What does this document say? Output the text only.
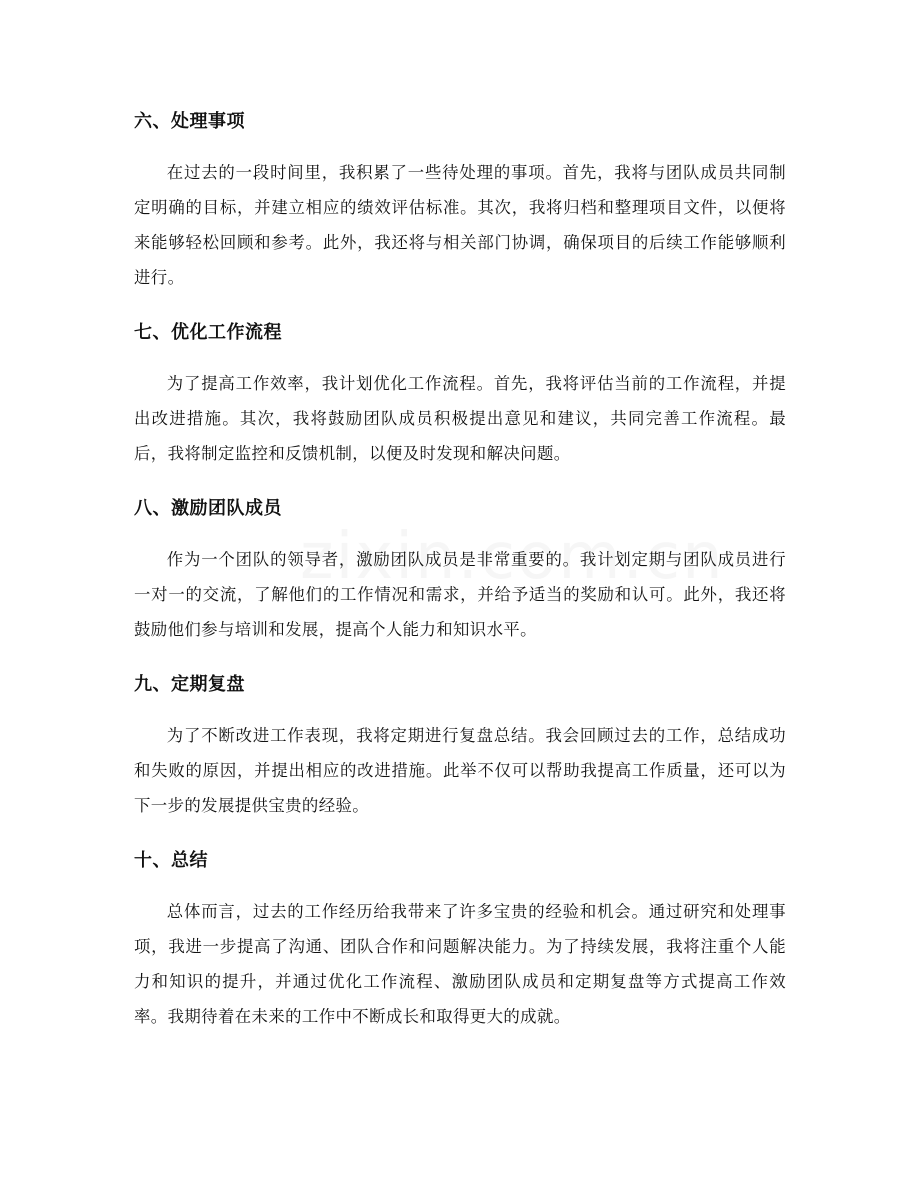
六、处理事项

在过去的一段时间里，我积累了一些待处理的事项。首先，我将与团队成员共同制定明确的目标，并建立相应的绩效评估标准。其次，我将归档和整理项目文件，以便将来能够轻松回顾和参考。此外，我还将与相关部门协调，确保项目的后续工作能够顺利进行。

七、优化工作流程

为了提高工作效率，我计划优化工作流程。首先，我将评估当前的工作流程，并提出改进措施。其次，我将鼓励团队成员积极提出意见和建议，共同完善工作流程。最后，我将制定监控和反馈机制，以便及时发现和解决问题。

八、激励团队成员

作为一个团队的领导者，激励团队成员是非常重要的。我计划定期与团队成员进行一对一的交流，了解他们的工作情况和需求，并给予适当的奖励和认可。此外，我还将鼓励他们参与培训和发展，提高个人能力和知识水平。

九、定期复盘

为了不断改进工作表现，我将定期进行复盘总结。我会回顾过去的工作，总结成功和失败的原因，并提出相应的改进措施。此举不仅可以帮助我提高工作质量，还可以为下一步的发展提供宝贵的经验。

十、总结

总体而言，过去的工作经历给我带来了许多宝贵的经验和机会。通过研究和处理事项，我进一步提高了沟通、团队合作和问题解决能力。为了持续发展，我将注重个人能力和知识的提升，并通过优化工作流程、激励团队成员和定期复盘等方式提高工作效率。我期待着在未来的工作中不断成长和取得更大的成就。
